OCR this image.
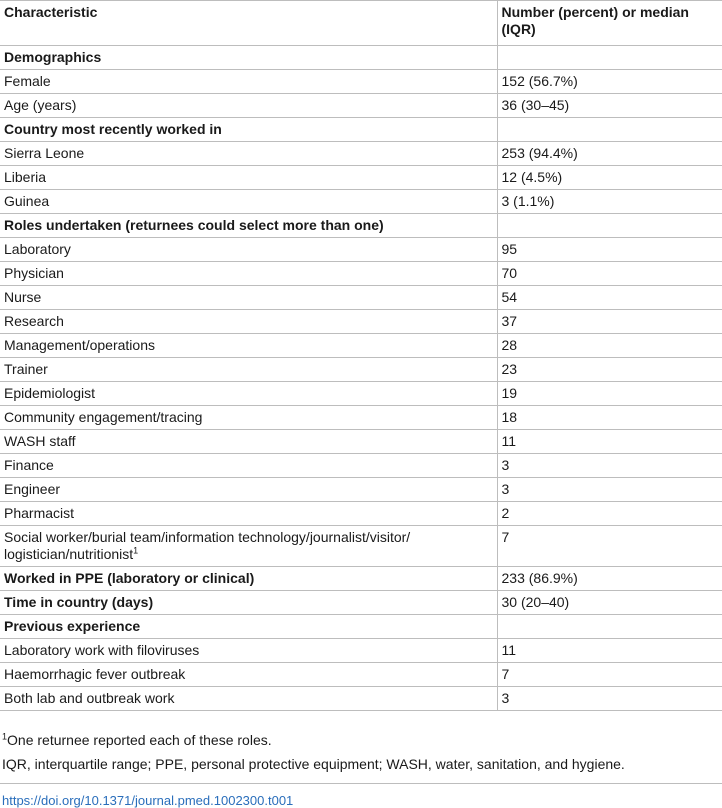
Characteristic	Number (percent) or median (IQR)
Demographics	
Female	152 (56.7%)
Age (years)	36 (30–45)
Country most recently worked in	
Sierra Leone	253 (94.4%)
Liberia	12 (4.5%)
Guinea	3 (1.1%)
Roles undertaken (returnees could select more than one)	
Laboratory	95
Physician	70
Nurse	54
Research	37
Management/operations	28
Trainer	23
Epidemiologist	19
Community engagement/tracing	18
WASH staff	11
Finance	3
Engineer	3
Pharmacist	2
Social worker/burial team/information technology/journalist/visitor/ logistician/nutritionist$^1$	7
Worked in PPE (laboratory or clinical)	233 (86.9%)
Time in country (days)	30 (20–40)
Previous experience	
Laboratory work with filoviruses	11
Haemorrhagic fever outbreak	7
Both lab and outbreak work	3
$^1$One returnee reported each of these roles.
IQR, interquartile range; PPE, personal protective equipment; WASH, water, sanitation, and hygiene.
https://doi.org/10.1371/journal.pmed.1002300.t001
